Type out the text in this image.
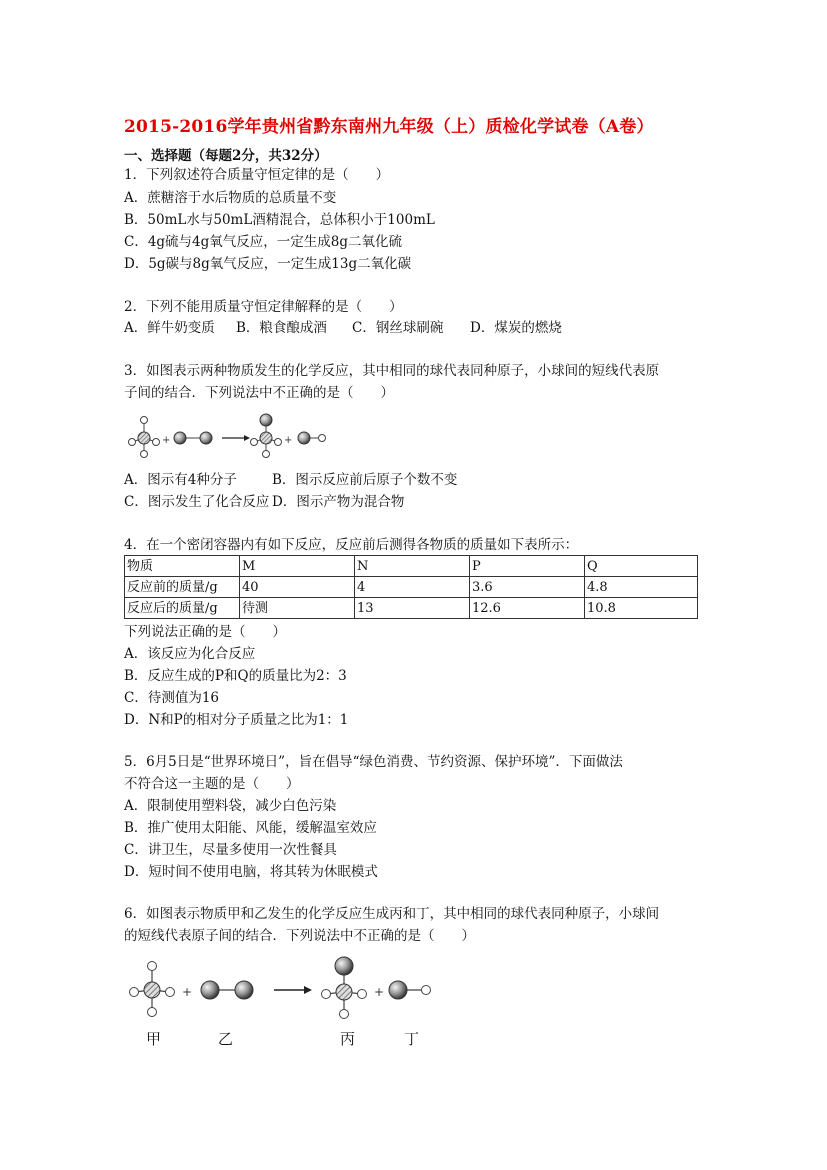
2015-2016学年贵州省黔东南州九年级（上）质检化学试卷（A卷）
一、选择题（每题2分，共32分）
1．下列叙述符合质量守恒定律的是（　　）
A．蔗糖溶于水后物质的总质量不变
B．50mL水与50mL酒精混合，总体积小于100mL
C．4g硫与4g氧气反应，一定生成8g二氧化硫
D．5g碳与8g氧气反应，一定生成13g二氧化碳
2．下列不能用质量守恒定律解释的是（　　）
A．鲜牛奶变质 B．粮食酿成酒 C．钢丝球刷碗 D．煤炭的燃烧
3．如图表示两种物质发生的化学反应，其中相同的球代表同种原子，小球间的短线代表原
子间的结合．下列说法中不正确的是（　　）
+	+
A．图示有4种分子	B．图示反应前后原子个数不变
C．图示发生了化合反应 D．图示产物为混合物
4．在一个密闭容器内有如下反应，反应前后测得各物质的质量如下表所示：
物质	M	N	P	Q
反应前的质量/g	40	4	3.6	4.8
反应后的质量/g	待测	13	12.6	10.8
下列说法正确的是（　　）
A．该反应为化合反应
B．反应生成的P和Q的质量比为2：3
C．待测值为16
D．N和P的相对分子质量之比为1：1
5．6月5日是“世界环境日”，旨在倡导“绿色消费、节约资源、保护环境”．下面做法
不符合这一主题的是（　　）
A．限制使用塑料袋，减少白色污染
B．推广使用太阳能、风能，缓解温室效应
C．讲卫生，尽量多使用一次性餐具
D．短时间不使用电脑，将其转为休眠模式
6．如图表示物质甲和乙发生的化学反应生成丙和丁，其中相同的球代表同种原子，小球间
的短线代表原子间的结合．下列说法中不正确的是（　　）
+	+
甲	乙	丙	丁
